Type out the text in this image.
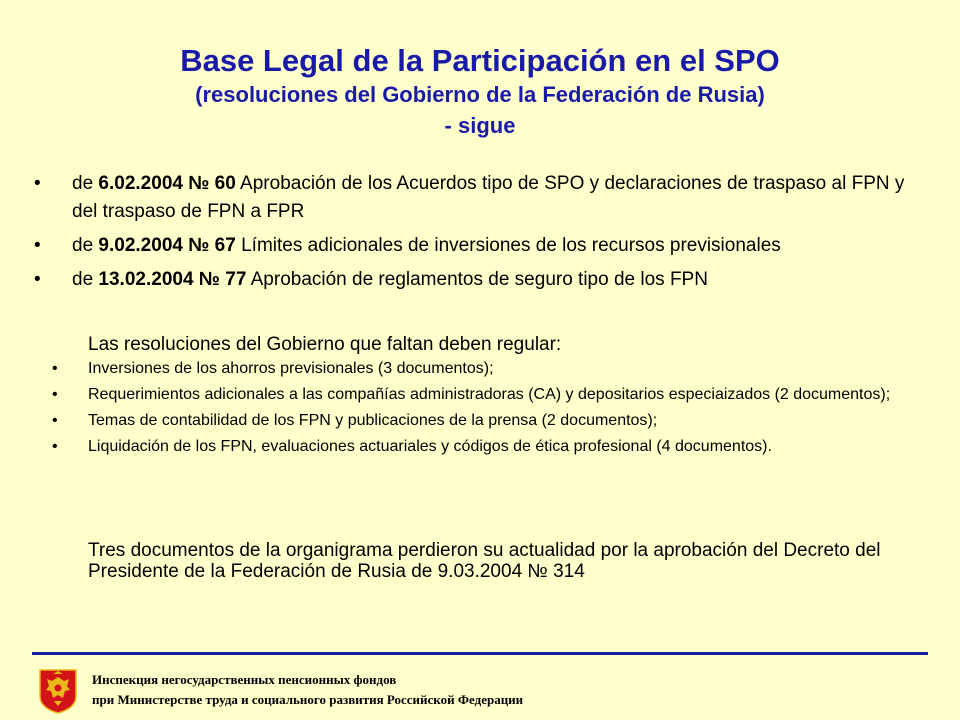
Base Legal de la Participación en el SPO
(resoluciones del Gobierno de la Federación de Rusia)
- sigue
• de 6.02.2004 № 60 Aprobación de los Acuerdos tipo de SPO y declaraciones de traspaso al FPN y del traspaso de FPN a FPR
• de 9.02.2004 № 67 Límites adicionales de inversiones de los recursos previsionales
• de 13.02.2004 № 77 Aprobación de reglamentos de seguro tipo de los FPN
Las resoluciones del Gobierno que faltan deben regular:
• Inversiones de los ahorros previsionales (3 documentos);
• Requerimientos adicionales a las compañías administradoras (CA) y depositarios especiaizados (2 documentos);
• Temas de contabilidad de los FPN y publicaciones de la prensa (2 documentos);
• Liquidación de los FPN, evaluaciones actuariales y códigos de ética profesional (4 documentos).
Tres documentos de la organigrama perdieron su actualidad por la aprobación del Decreto del Presidente de la Federación de Rusia de 9.03.2004 № 314
Инспекция негосударственных пенсионных фондов
при Министерстве труда и социального развития Российской Федерации
